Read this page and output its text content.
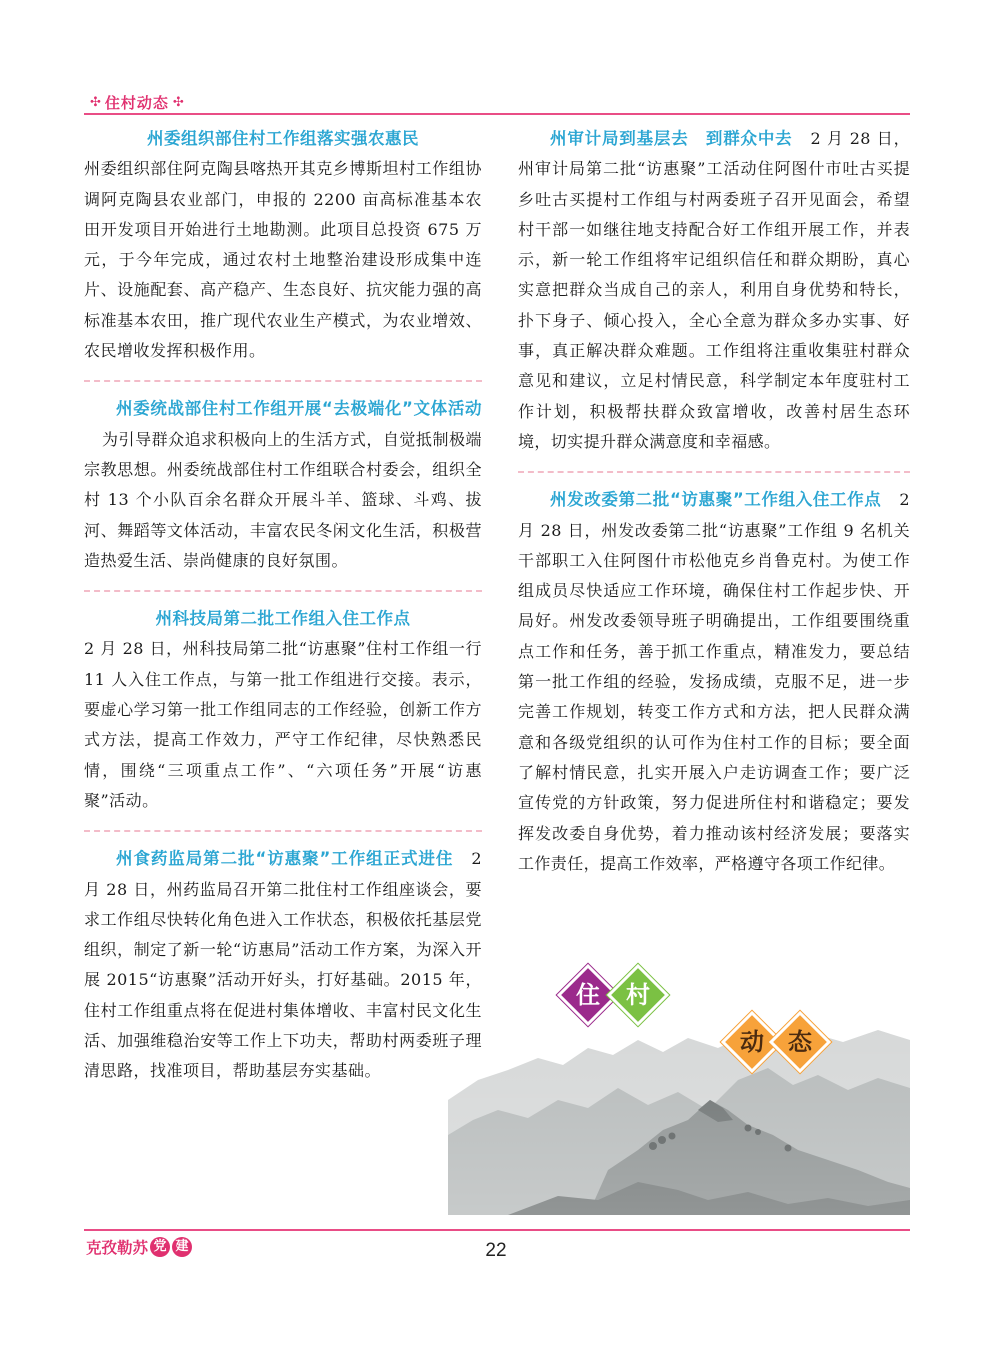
✣ 住村动态 ✣

州委组织部住村工作组落实强农惠民
州委组织部住阿克陶县喀热开其克乡博斯坦村工作组协调阿克陶县农业部门，申报的 2200 亩高标准基本农田开发项目开始进行土地勘测。此项目总投资 675 万元，于今年完成，通过农村土地整治建设形成集中连片、设施配套、高产稳产、生态良好、抗灾能力强的高标准基本农田，推广现代农业生产模式，为农业增效、农民增收发挥积极作用。

州委统战部住村工作组开展“去极端化”文体活动为引导群众追求积极向上的生活方式，自觉抵制极端宗教思想。州委统战部住村工作组联合村委会，组织全村 13 个小队百余名群众开展斗羊、篮球、斗鸡、拔河、舞蹈等文体活动，丰富农民冬闲文化生活，积极营造热爱生活、崇尚健康的良好氛围。

州科技局第二批工作组入住工作点
2 月 28 日，州科技局第二批“访惠聚”住村工作组一行 11 人入住工作点，与第一批工作组进行交接。表示，要虚心学习第一批工作组同志的工作经验，创新工作方式方法，提高工作效力，严守工作纪律，尽快熟悉民情，围绕“三项重点工作”、“六项任务”开展“访惠聚”活动。

州食药监局第二批“访惠聚”工作组正式进住 2 月 28 日，州药监局召开第二批住村工作组座谈会，要求工作组尽快转化角色进入工作状态，积极依托基层党组织，制定了新一轮“访惠局”活动工作方案，为深入开展 2015“访惠聚”活动开好头，打好基础。2015 年，住村工作组重点将在促进村集体增收、丰富村民文化生活、加强维稳治安等工作上下功夫，帮助村两委班子理清思路，找准项目，帮助基层夯实基础。

州审计局到基层去　到群众中去 2 月 28 日，州审计局第二批“访惠聚”工活动住阿图什市吐古买提乡吐古买提村工作组与村两委班子召开见面会，希望村干部一如继往地支持配合好工作组开展工作，并表示，新一轮工作组将牢记组织信任和群众期盼，真心实意把群众当成自己的亲人，利用自身优势和特长，扑下身子、倾心投入，全心全意为群众多办实事、好事，真正解决群众难题。工作组将注重收集驻村群众意见和建议，立足村情民意，科学制定本年度驻村工作计划，积极帮扶群众致富增收，改善村居生态环境，切实提升群众满意度和幸福感。

州发改委第二批“访惠聚”工作组入住工作点 2 月 28 日，州发改委第二批“访惠聚”工作组 9 名机关干部职工入住阿图什市松他克乡肖鲁克村。为使工作组成员尽快适应工作环境，确保住村工作起步快、开局好。州发改委领导班子明确提出，工作组要围绕重点工作和任务，善于抓工作重点，精准发力，要总结第一批工作组的经验，发扬成绩，克服不足，进一步完善工作规划，转变工作方式和方法，把人民群众满意和各级党组织的认可作为住村工作的目标；要全面了解村情民意，扎实开展入户走访调查工作；要广泛宣传党的方针政策，努力促进所住村和谐稳定；要发挥发改委自身优势，着力推动该村经济发展；要落实工作责任，提高工作效率，严格遵守各项工作纪律。

住	村
动	态
克孜勒苏 党 建	22
